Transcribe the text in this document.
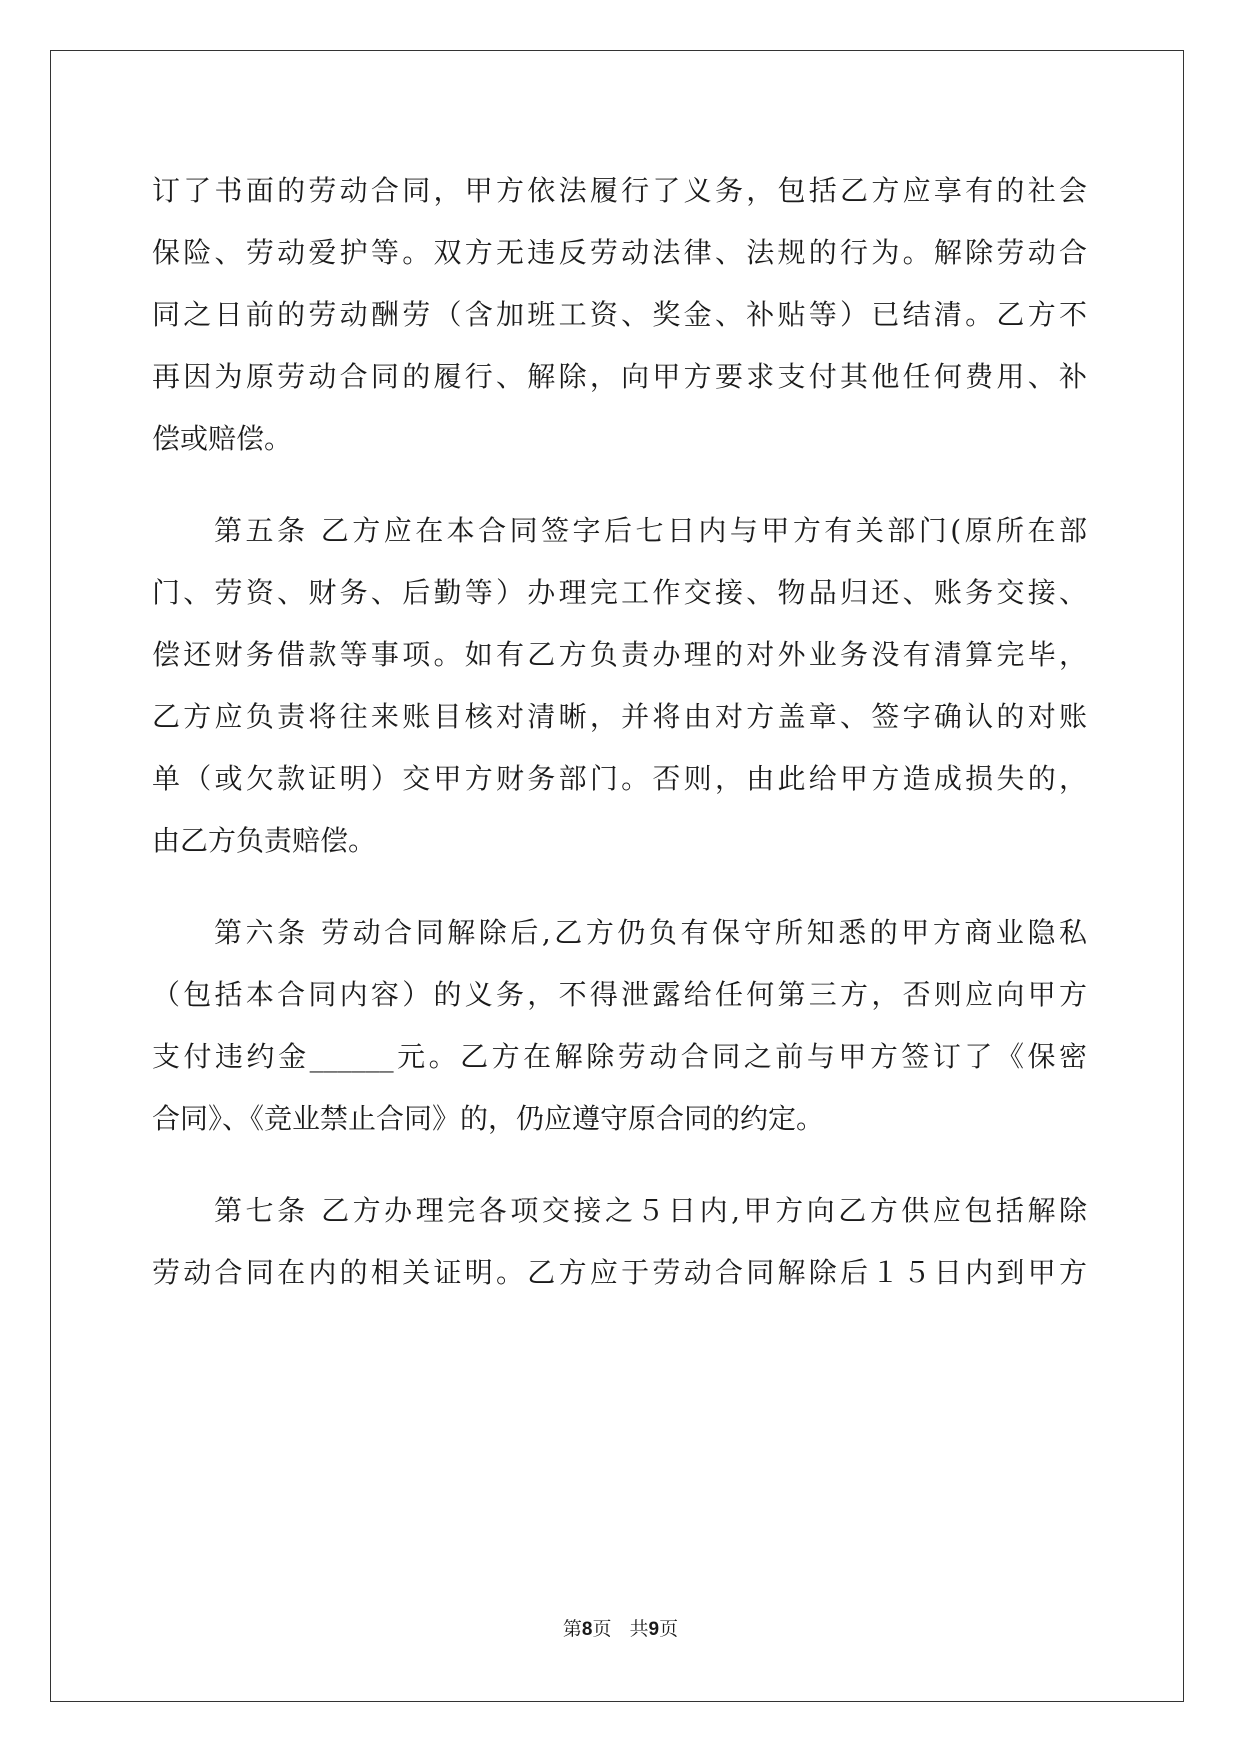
订了书面的劳动合同，甲方依法履行了义务，包括乙方应享有的社会
保险、劳动爱护等。双方无违反劳动法律、法规的行为。解除劳动合
同之日前的劳动酬劳（含加班工资、奖金、补贴等）已结清。乙方不
再因为原劳动合同的履行、解除，向甲方要求支付其他任何费用、补
偿或赔偿。
第五条 乙方应在本合同签字后七日内与甲方有关部门(原所在部
门、劳资、财务、后勤等）办理完工作交接、物品归还、账务交接、
偿还财务借款等事项。如有乙方负责办理的对外业务没有清算完毕，
乙方应负责将往来账目核对清晰，并将由对方盖章、签字确认的对账
单（或欠款证明）交甲方财务部门。否则，由此给甲方造成损失的，
由乙方负责赔偿。
第六条 劳动合同解除后,乙方仍负有保守所知悉的甲方商业隐私
（包括本合同内容）的义务，不得泄露给任何第三方，否则应向甲方
支付违约金______元。乙方在解除劳动合同之前与甲方签订了《保密
合同》、《竞业禁止合同》的，仍应遵守原合同的约定。
第七条 乙方办理完各项交接之５日内,甲方向乙方供应包括解除
劳动合同在内的相关证明。乙方应于劳动合同解除后１５日内到甲方
第8页 共9页
